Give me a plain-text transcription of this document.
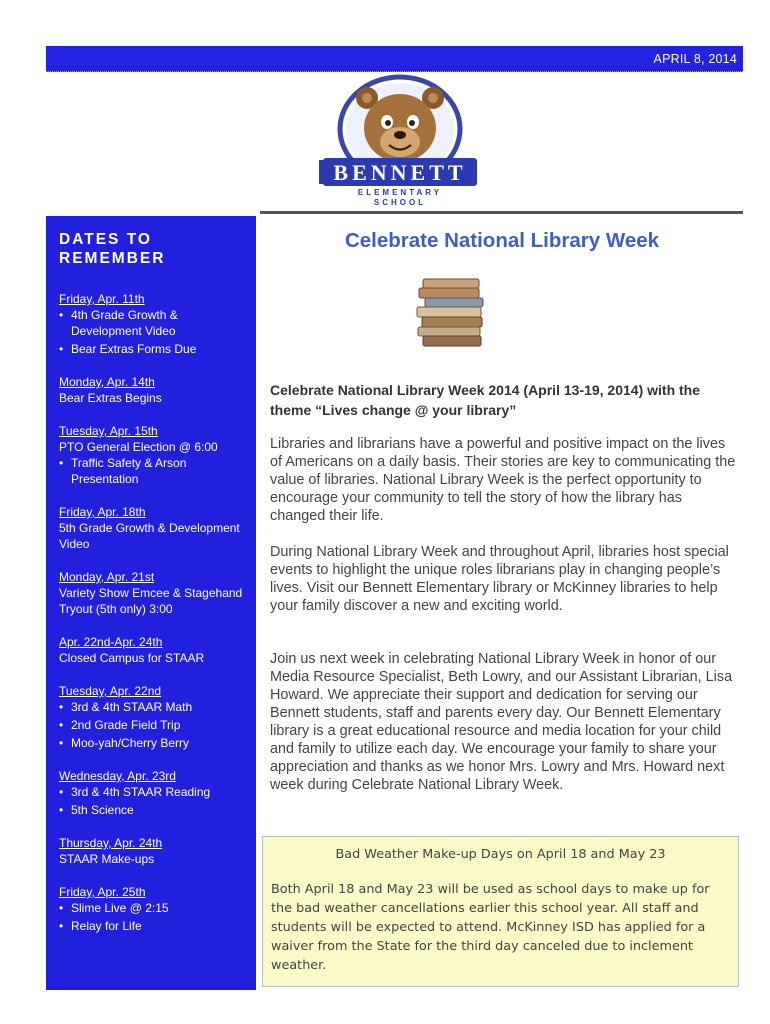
APRIL 8, 2014
BENNETT
ELEMENTARY
SCHOOL
DATES TO
REMEMBER
Friday, Apr. 11th
• 4th Grade Growth & Development Video
• Bear Extras Forms Due
Monday, Apr. 14th
Bear Extras Begins
Tuesday, Apr. 15th
PTO General Election @ 6:00
• Traffic Safety & Arson Presentation
Friday, Apr. 18th
5th Grade Growth & Development Video
Monday, Apr. 21st
Variety Show Emcee & Stagehand Tryout (5th only) 3:00
Apr. 22nd-Apr. 24th
Closed Campus for STAAR
Tuesday, Apr. 22nd
• 3rd & 4th STAAR Math
• 2nd Grade Field Trip
• Moo-yah/Cherry Berry
Wednesday, Apr. 23rd
• 3rd & 4th STAAR Reading
• 5th Science
Thursday, Apr. 24th
STAAR Make-ups
Friday, Apr. 25th
• Slime Live @ 2:15
• Relay for Life
Celebrate National Library Week
Celebrate National Library Week 2014 (April 13-19, 2014) with the theme “Lives change @ your library”

Libraries and librarians have a powerful and positive impact on the lives of Americans on a daily basis. Their stories are key to communicating the value of libraries. National Library Week is the perfect opportunity to encourage your community to tell the story of how the library has changed their life.

During National Library Week and throughout April, libraries host special events to highlight the unique roles librarians play in changing people’s lives. Visit our Bennett Elementary library or McKinney libraries to help your family discover a new and exciting world.

Join us next week in celebrating National Library Week in honor of our Media Resource Specialist, Beth Lowry, and our Assistant Librarian, Lisa Howard. We appreciate their support and dedication for serving our Bennett students, staff and parents every day. Our Bennett Elementary library is a great educational resource and media location for your child and family to utilize each day. We encourage your family to share your appreciation and thanks as we honor Mrs. Lowry and Mrs. Howard next week during Celebrate National Library Week.

Bad Weather Make-up Days on April 18 and May 23
Both April 18 and May 23 will be used as school days to make up for the bad weather cancellations earlier this school year. All staff and students will be expected to attend. McKinney ISD has applied for a waiver from the State for the third day canceled due to inclement weather.
